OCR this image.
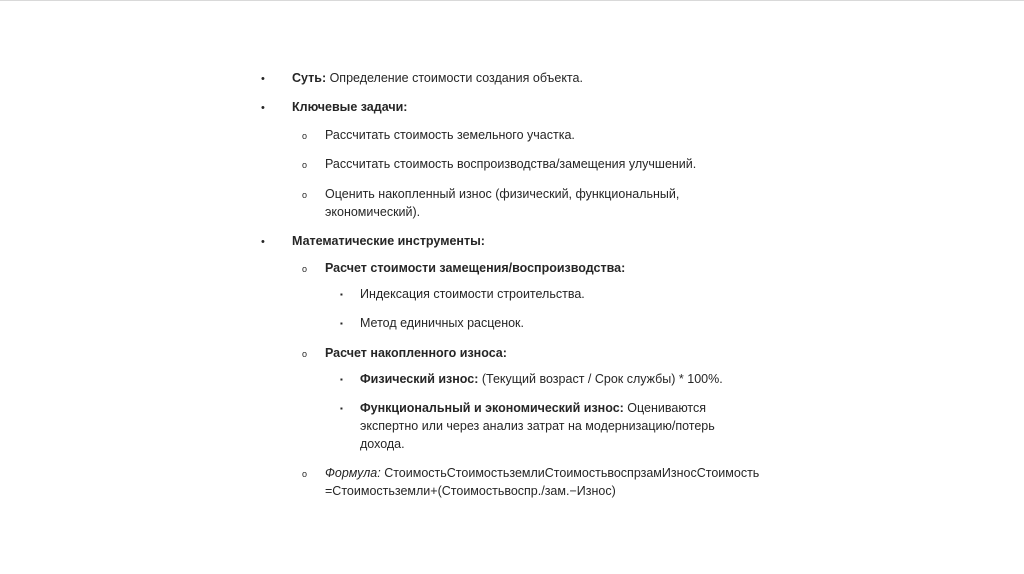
• Суть: Определение стоимости создания объекта.
• Ключевые задачи:
o Рассчитать стоимость земельного участка.
o Рассчитать стоимость воспроизводства/замещения улучшений.
o Оценить накопленный износ (физический, функциональный,
экономический).
• Математические инструменты:
o Расчет стоимости замещения/воспроизводства:
▪ Индексация стоимости строительства.
▪ Метод единичных расценок.
o Расчет накопленного износа:
▪ Физический износ: (Текущий возраст / Срок службы) * 100%.
▪ Функциональный и экономический износ: Оцениваются
экспертно или через анализ затрат на модернизацию/потерь
дохода.
o Формула: СтоимостьСтоимостьземлиСтоимостьвоспрзамИзносСтоимость
=Стоимостьземли+(Стоимостьвоспр./зам.−Износ)
